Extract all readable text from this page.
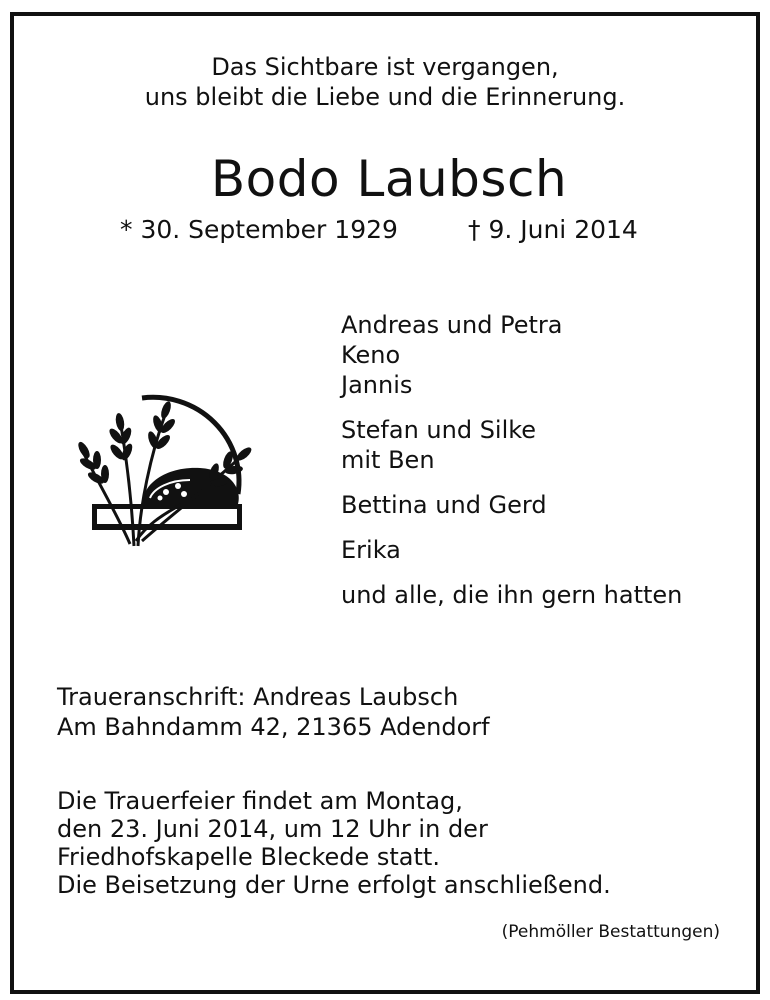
Das Sichtbare ist vergangen,
uns bleibt die Liebe und die Erinnerung.
Bodo Laubsch
* 30. September 1929	† 9. Juni 2014
Andreas und Petra
Keno
Jannis
Stefan und Silke
mit Ben
Bettina und Gerd
Erika
und alle, die ihn gern hatten
Traueranschrift: Andreas Laubsch
Am Bahndamm 42, 21365 Adendorf
Die Trauerfeier findet am Montag,
den 23. Juni 2014, um 12 Uhr in der
Friedhofskapelle Bleckede statt.
Die Beisetzung der Urne erfolgt anschließend.
(Pehmöller Bestattungen)
